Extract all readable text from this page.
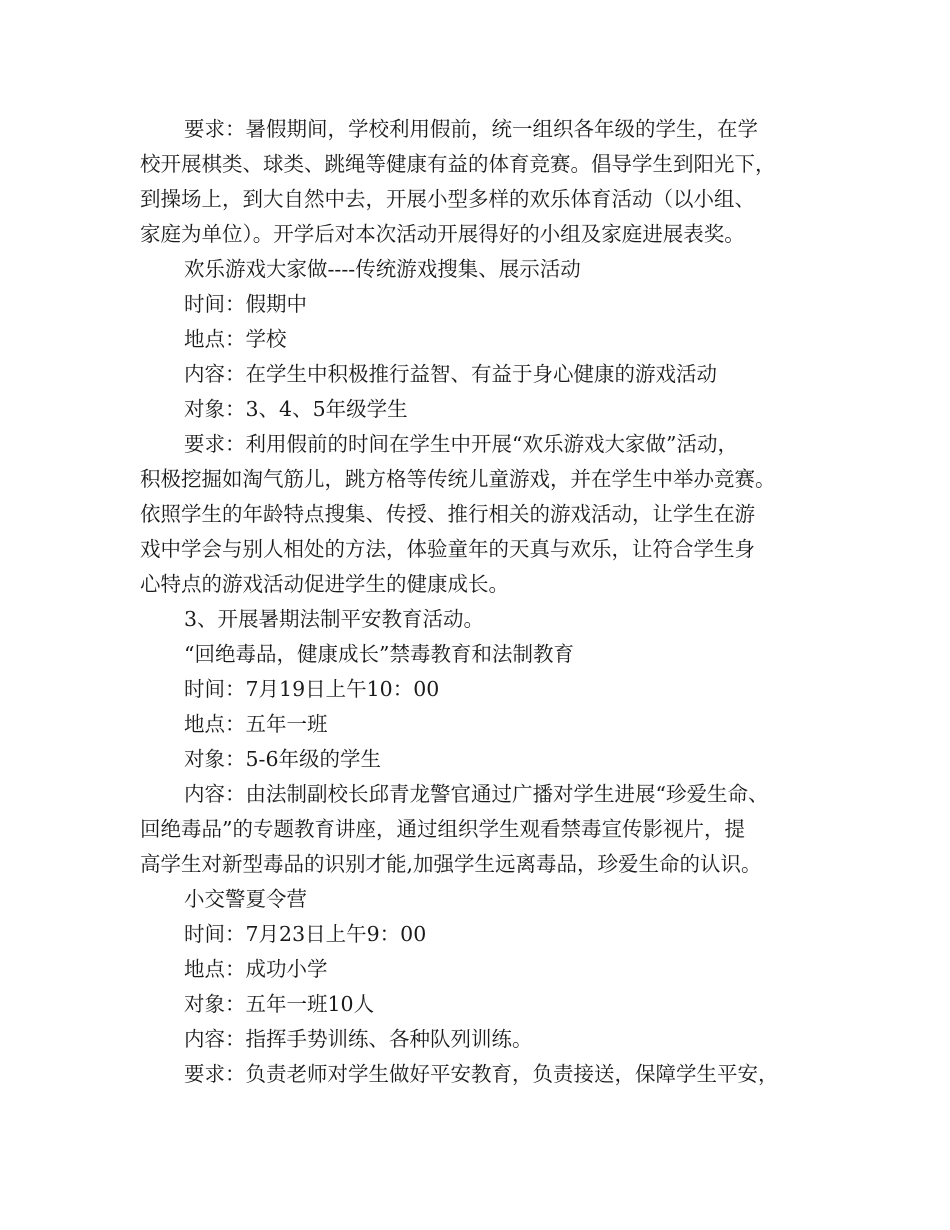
要求：暑假期间，学校利用假前，统一组织各年级的学生，在学
校开展棋类、球类、跳绳等健康有益的体育竞赛。倡导学生到阳光下，
到操场上，到大自然中去，开展小型多样的欢乐体育活动（以小组、
家庭为单位）。开学后对本次活动开展得好的小组及家庭进展表奖。
欢乐游戏大家做----传统游戏搜集、展示活动
时间：假期中
地点：学校
内容：在学生中积极推行益智、有益于身心健康的游戏活动
对象：3、4、5年级学生
要求：利用假前的时间在学生中开展“欢乐游戏大家做”活动，
积极挖掘如淘气筋儿，跳方格等传统儿童游戏，并在学生中举办竞赛。
依照学生的年龄特点搜集、传授、推行相关的游戏活动，让学生在游
戏中学会与别人相处的方法，体验童年的天真与欢乐，让符合学生身
心特点的游戏活动促进学生的健康成长。
3、开展暑期法制平安教育活动。
“回绝毒品，健康成长”禁毒教育和法制教育
时间：7月19日上午10：00
地点：五年一班
对象：5-6年级的学生
内容：由法制副校长邱青龙警官通过广播对学生进展“珍爱生命、
回绝毒品”的专题教育讲座，通过组织学生观看禁毒宣传影视片，提
高学生对新型毒品的识别才能,加强学生远离毒品，珍爱生命的认识。
小交警夏令营
时间：7月23日上午9：00
地点：成功小学
对象：五年一班10人
内容：指挥手势训练、各种队列训练。
要求：负责老师对学生做好平安教育，负责接送，保障学生平安，
